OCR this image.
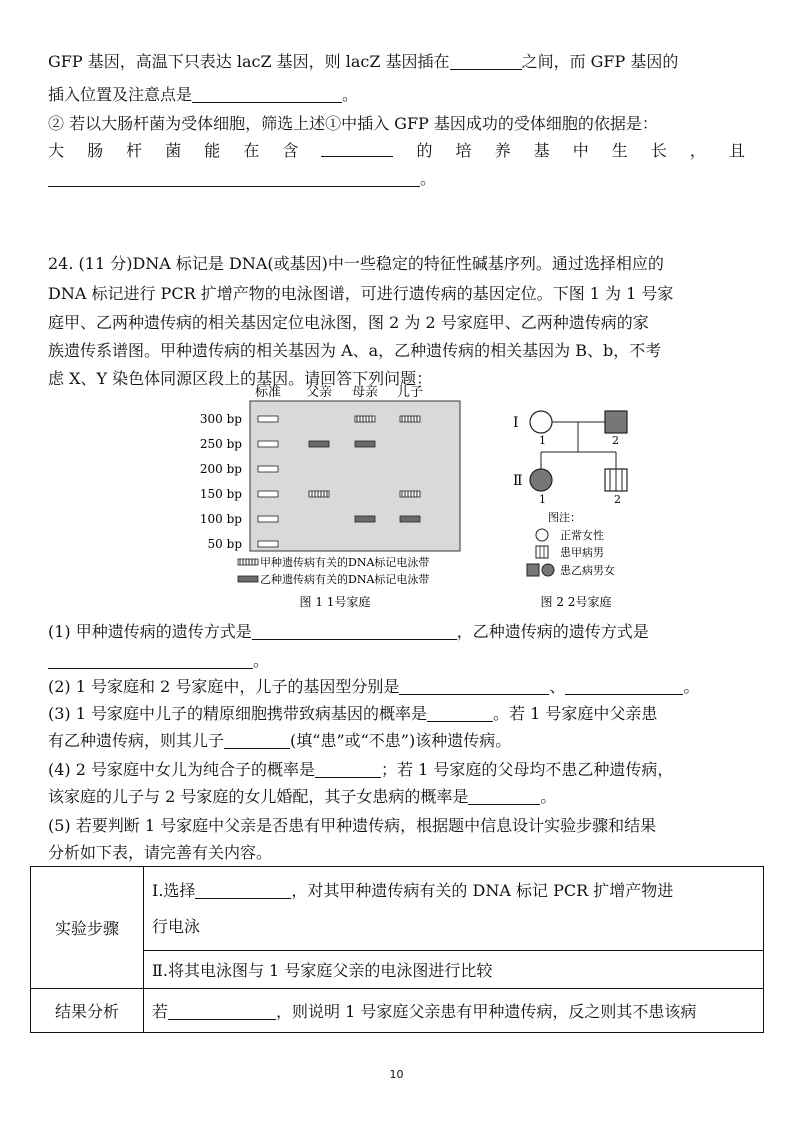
GFP 基因，高温下只表达 lacZ 基因，则 lacZ 基因插在	之间，而 GFP 基因的
插入位置及注意点是	。
② 若以大肠杆菌为受体细胞，筛选上述①中插入 GFP 基因成功的受体细胞的依据是：
大 肠 杆 菌 能 在 含	的 培 养 基 中 生 长 ， 且
。
24. (11 分)DNA 标记是 DNA(或基因)中一些稳定的特征性碱基序列。通过选择相应的
DNA 标记进行 PCR 扩增产物的电泳图谱，可进行遗传病的基因定位。下图 1 为 1 号家
庭甲、乙两种遗传病的相关基因定位电泳图，图 2 为 2 号家庭甲、乙两种遗传病的家
族遗传系谱图。甲种遗传病的相关基因为 A、a，乙种遗传病的相关基因为 B、b，不考
虑 X、Y 染色体同源区段上的基因。请回答下列问题：
标准 父亲 母亲 儿子
300 bp
250 bp
200 bp
150 bp
100 bp
50 bp
甲种遗传病有关的DNA标记电泳带
乙种遗传病有关的DNA标记电泳带
图 1 1号家庭
Ⅰ
Ⅱ
1	2
1	2
图注：
正常女性
患甲病男
患乙病男女
图 2 2号家庭
(1) 甲种遗传病的遗传方式是	，乙种遗传病的遗传方式是
。
(2) 1 号家庭和 2 号家庭中，儿子的基因型分别是	、	。
(3) 1 号家庭中儿子的精原细胞携带致病基因的概率是	。若 1 号家庭中父亲患
有乙种遗传病，则其儿子	(填“患”或“不患”)该种遗传病。
(4) 2 号家庭中女儿为纯合子的概率是	；若 1 号家庭的父母均不患乙种遗传病，
该家庭的儿子与 2 号家庭的女儿婚配，其子女患病的概率是	。
(5) 若要判断 1 号家庭中父亲是否患有甲种遗传病，根据题中信息设计实验步骤和结果
分析如下表，请完善有关内容。
实验步骤	Ⅰ.选择 ，对其甲种遗传病有关的 DNA 标记 PCR 扩增产物进
行电泳
	Ⅱ.将其电泳图与 1 号家庭父亲的电泳图进行比较
结果分析	若 ，则说明 1 号家庭父亲患有甲种遗传病，反之则其不患该病
10
